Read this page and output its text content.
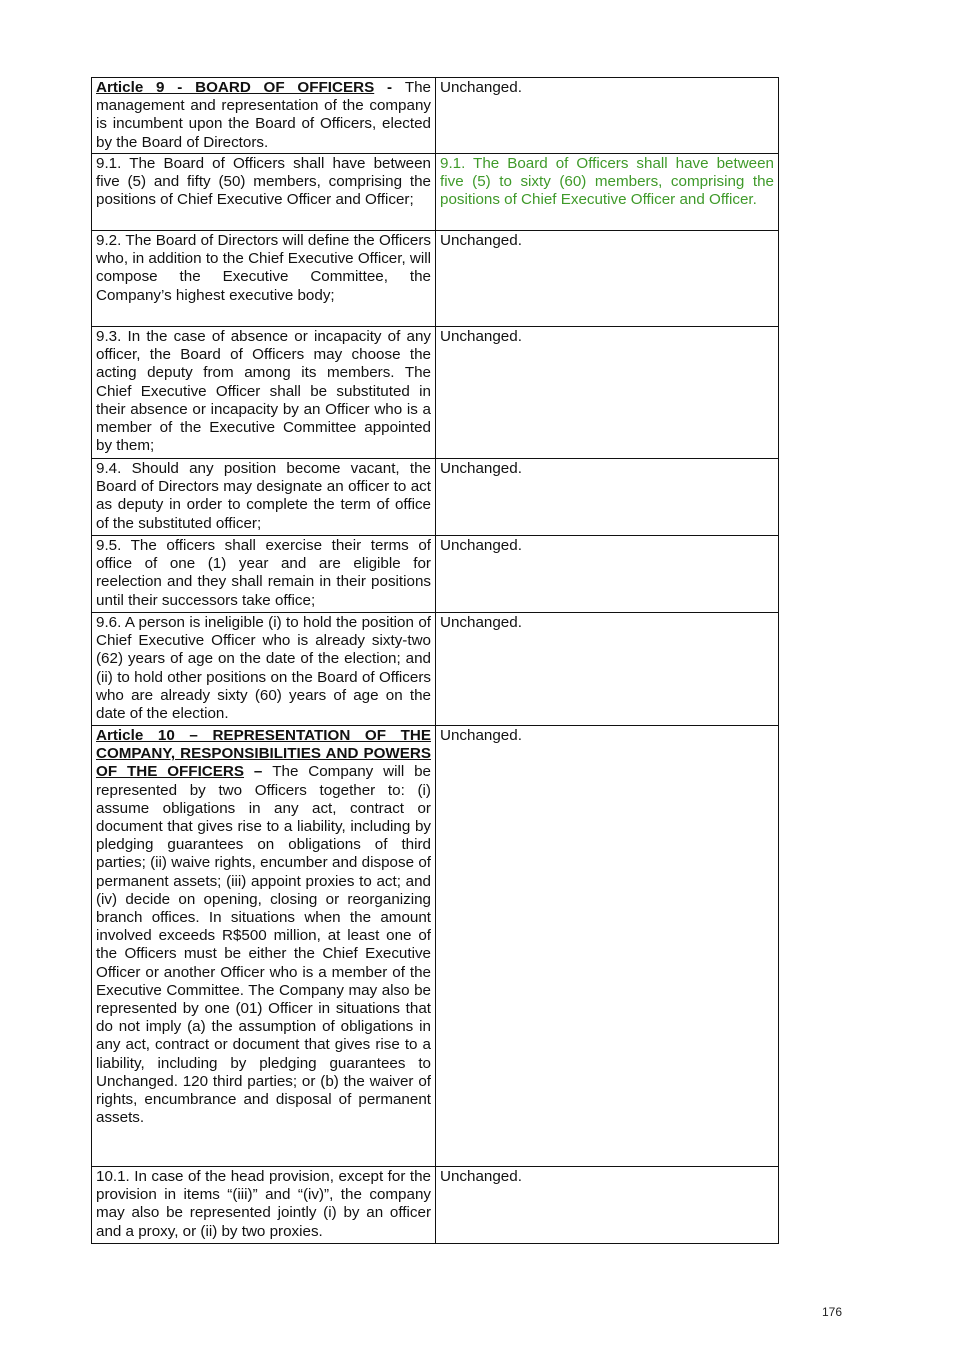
Article 9 - BOARD OF OFFICERS - The management and representation of the company is incumbent upon the Board of Officers, elected by the Board of Directors.	Unchanged.
9.1. The Board of Officers shall have between five (5) and fifty (50) members, comprising the positions of Chief Executive Officer and Officer;	9.1. The Board of Officers shall have between five (5) to sixty (60) members, comprising the positions of Chief Executive Officer and Officer.
9.2. The Board of Directors will define the Officers who, in addition to the Chief Executive Officer, will compose the Executive Committee, the Company’s highest executive body;	Unchanged.
9.3. In the case of absence or incapacity of any officer, the Board of Officers may choose the acting deputy from among its members. The Chief Executive Officer shall be substituted in their absence or incapacity by an Officer who is a member of the Executive Committee appointed by them;	Unchanged.
9.4. Should any position become vacant, the Board of Directors may designate an officer to act as deputy in order to complete the term of office of the substituted officer;	Unchanged.
9.5. The officers shall exercise their terms of office of one (1) year and are eligible for reelection and they shall remain in their positions until their successors take office;	Unchanged.
9.6. A person is ineligible (i) to hold the position of Chief Executive Officer who is already sixty-two (62) years of age on the date of the election; and (ii) to hold other positions on the Board of Officers who are already sixty (60) years of age on the date of the election.	Unchanged.
Article 10 – REPRESENTATION OF THE COMPANY, RESPONSIBILITIES AND POWERS OF THE OFFICERS – The Company will be represented by two Officers together to: (i) assume obligations in any act, contract or document that gives rise to a liability, including by pledging guarantees on obligations of third parties; (ii) waive rights, encumber and dispose of permanent assets; (iii) appoint proxies to act; and (iv) decide on opening, closing or reorganizing branch offices. In situations when the amount involved exceeds R$500 million, at least one of the Officers must be either the Chief Executive Officer or another Officer who is a member of the Executive Committee. The Company may also be represented by one (01) Officer in situations that do not imply (a) the assumption of obligations in any act, contract or document that gives rise to a liability, including by pledging guarantees to Unchanged. 120 third parties; or (b) the waiver of rights, encumbrance and disposal of permanent assets.	Unchanged.
10.1. In case of the head provision, except for the provision in items “(iii)” and “(iv)”, the company may also be represented jointly (i) by an officer and a proxy, or (ii) by two proxies.	Unchanged.
176
